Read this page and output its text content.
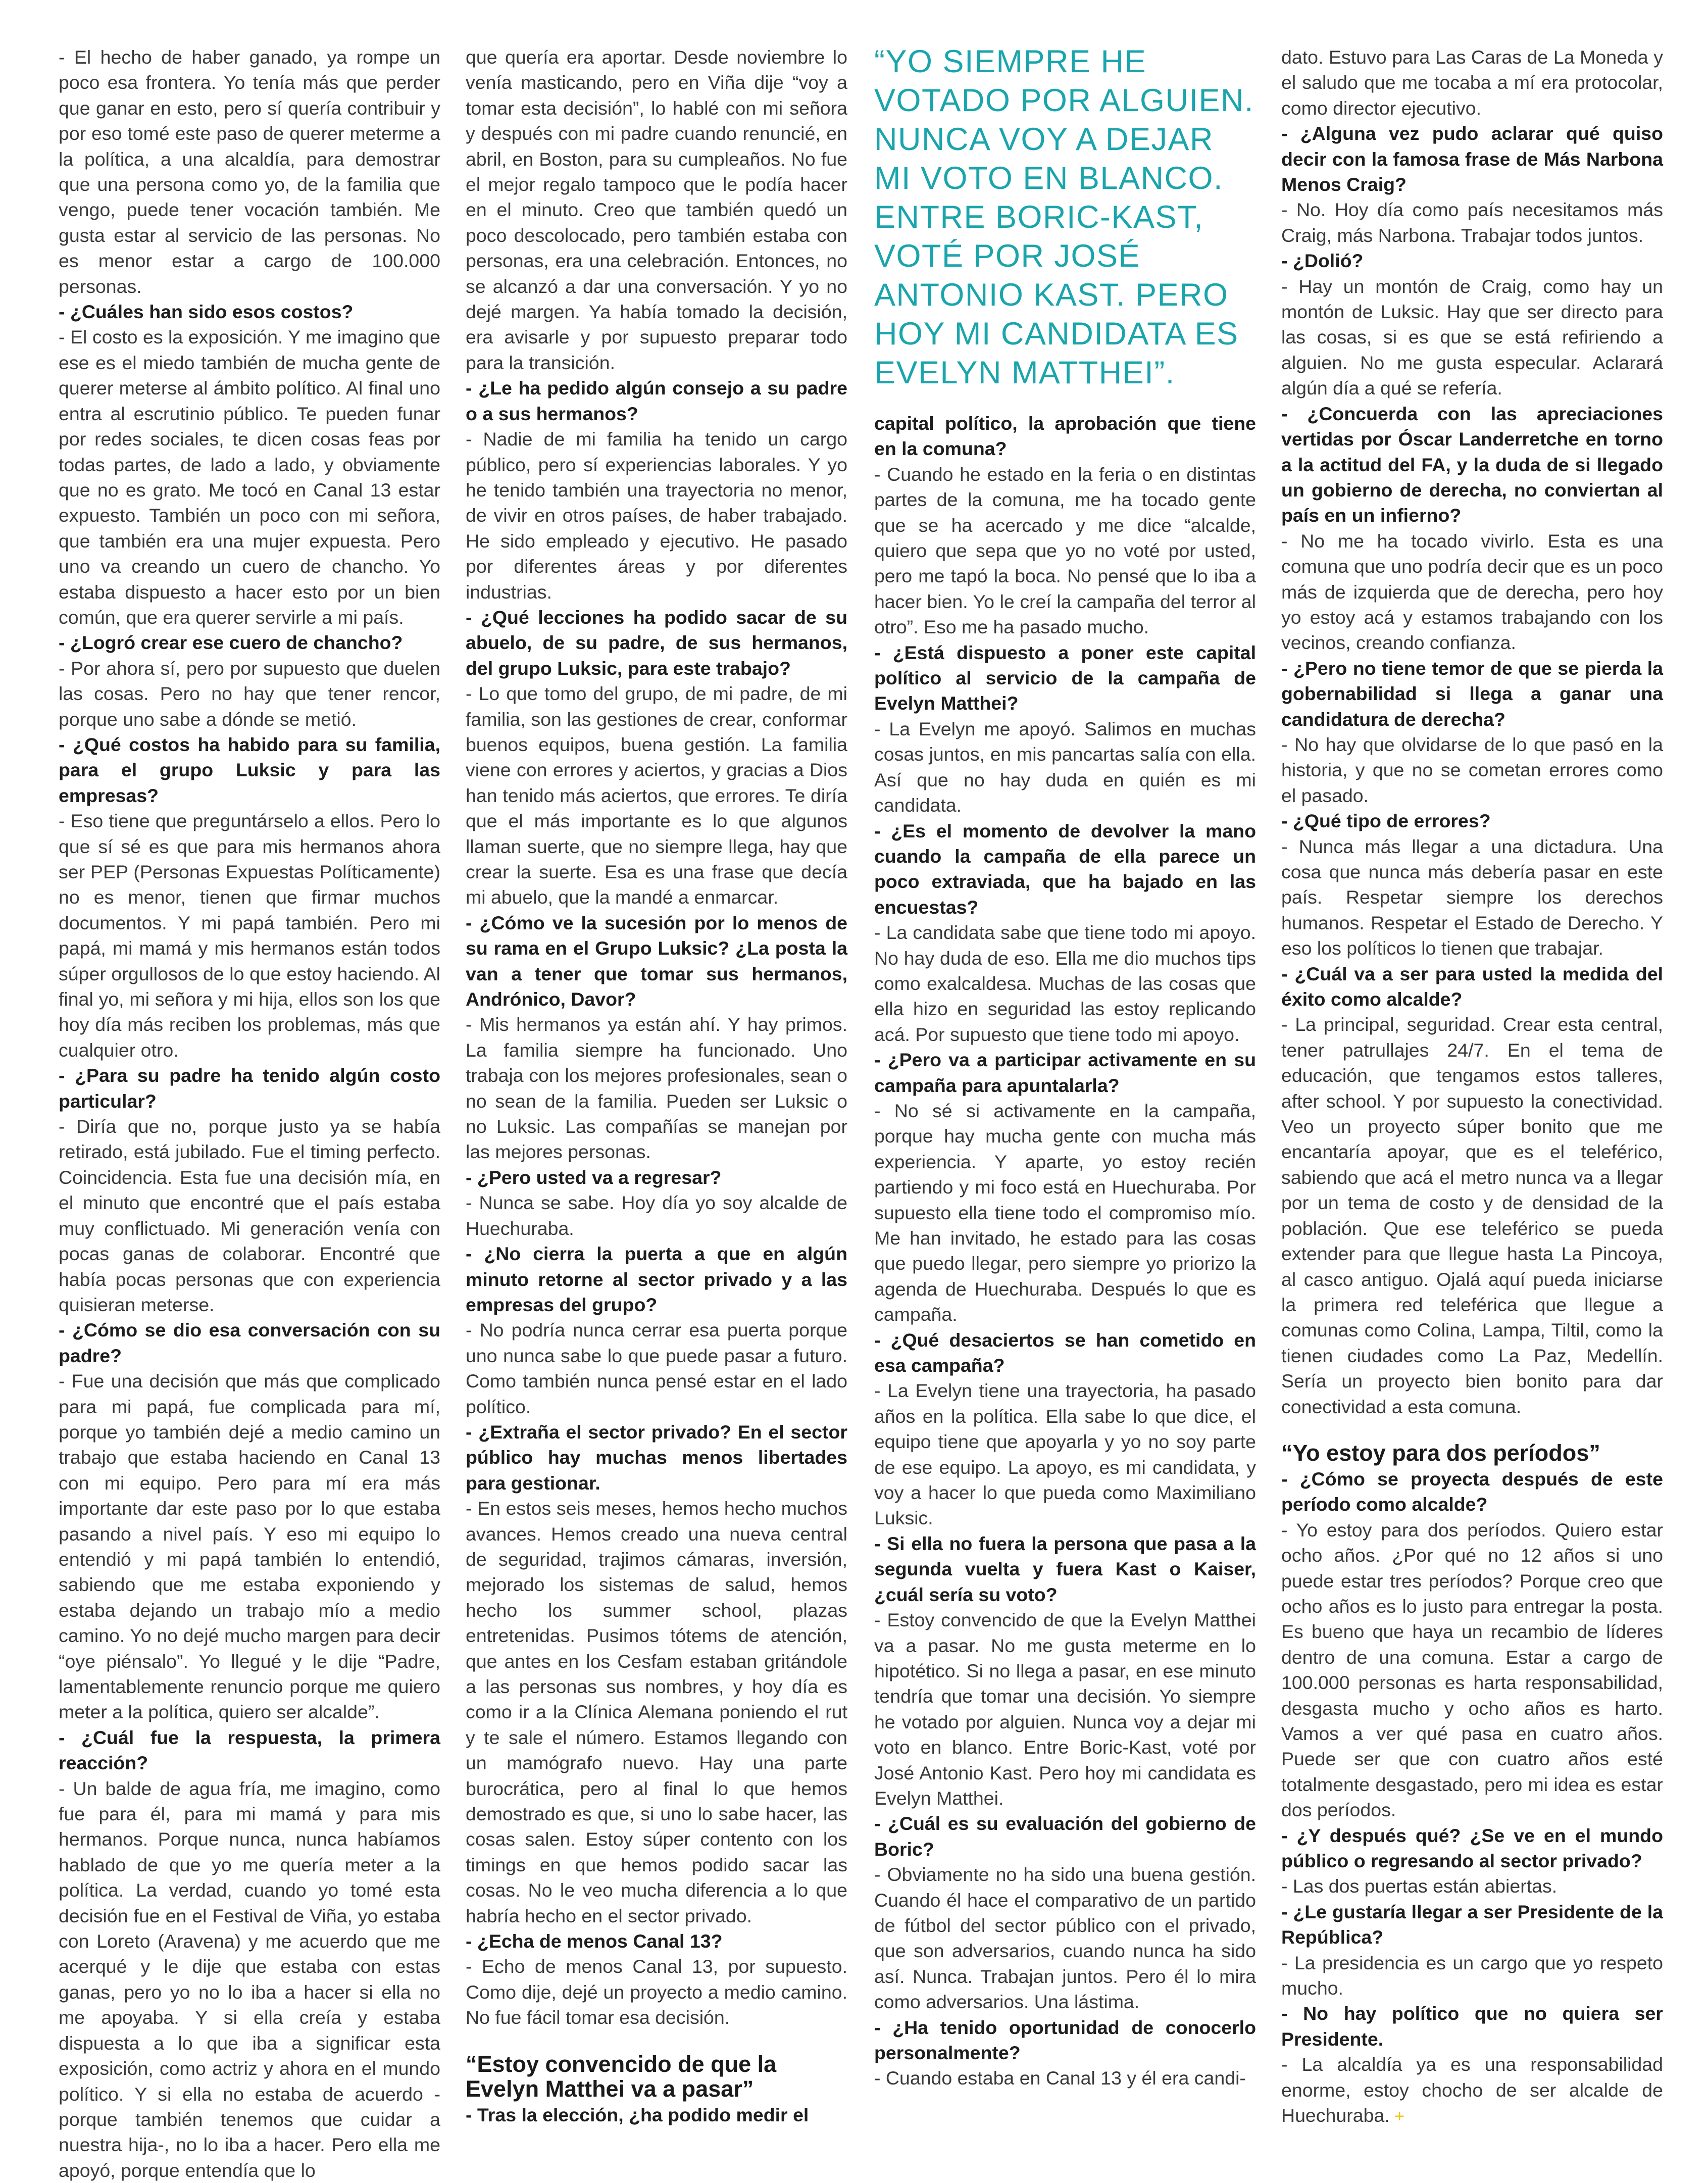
“YO SIEMPRE HE VOTADO POR ALGUIEN. NUNCA VOY A DEJAR MI VOTO EN BLANCO. ENTRE BORIC-KAST, VOTÉ POR JOSÉ ANTONIO KAST. PERO HOY MI CANDIDATA ES EVELYN MATTHEI”.

- El hecho de haber ganado, ya rompe un poco esa frontera. Yo tenía más que perder que ganar en esto, pero sí quería contribuir y por eso tomé este paso de querer meterme a la política, a una alcaldía, para demostrar que una persona como yo, de la familia que vengo, puede tener vocación también. Me gusta estar al servicio de las personas. No es menor estar a cargo de 100.000 personas.

- ¿Cuáles han sido esos costos?

- El costo es la exposición. Y me imagino que ese es el miedo también de mucha gente de querer meterse al ámbito político. Al final uno entra al escrutinio público. Te pueden funar por redes sociales, te dicen cosas feas por todas partes, de lado a lado, y obviamente que no es grato. Me tocó en Canal 13 estar expuesto. También un poco con mi señora, que también era una mujer expuesta. Pero uno va creando un cuero de chancho. Yo estaba dispuesto a hacer esto por un bien común, que era querer servirle a mi país.

- ¿Logró crear ese cuero de chancho?

- Por ahora sí, pero por supuesto que duelen las cosas. Pero no hay que tener rencor, porque uno sabe a dónde se metió.

- ¿Qué costos ha habido para su familia, para el grupo Luksic y para las empresas?

- Eso tiene que preguntárselo a ellos. Pero lo que sí sé es que para mis hermanos ahora ser PEP (Personas Expuestas Políticamente) no es menor, tienen que firmar muchos documentos. Y mi papá también. Pero mi papá, mi mamá y mis hermanos están todos súper orgullosos de lo que estoy haciendo. Al final yo, mi señora y mi hija, ellos son los que hoy día más reciben los problemas, más que cualquier otro.

- ¿Para su padre ha tenido algún costo particular?

- Diría que no, porque justo ya se había retirado, está jubilado. Fue el timing perfecto. Coincidencia. Esta fue una decisión mía, en el minuto que encontré que el país estaba muy conflictuado. Mi generación venía con pocas ganas de colaborar. Encontré que había pocas personas que con experiencia quisieran meterse.

- ¿Cómo se dio esa conversación con su padre?

- Fue una decisión que más que complicado para mi papá, fue complicada para mí, porque yo también dejé a medio camino un trabajo que estaba haciendo en Canal 13 con mi equipo. Pero para mí era más importante dar este paso por lo que estaba pasando a nivel país. Y eso mi equipo lo entendió y mi papá también lo entendió, sabiendo que me estaba exponiendo y estaba dejando un trabajo mío a medio camino. Yo no dejé mucho margen para decir “oye piénsalo”. Yo llegué y le dije “Padre, lamentablemente renuncio porque me quiero meter a la política, quiero ser alcalde”.

- ¿Cuál fue la respuesta, la primera reacción?

- Un balde de agua fría, me imagino, como fue para él, para mi mamá y para mis hermanos. Porque nunca, nunca habíamos hablado de que yo me quería meter a la política. La verdad, cuando yo tomé esta decisión fue en el Festival de Viña, yo estaba con Loreto (Aravena) y me acuerdo que me acerqué y le dije que estaba con estas ganas, pero yo no lo iba a hacer si ella no me apoyaba. Y si ella creía y estaba dispuesta a lo que iba a significar esta exposición, como actriz y ahora en el mundo político. Y si ella no estaba de acuerdo -porque también tenemos que cuidar a nuestra hija-, no lo iba a hacer. Pero ella me apoyó, porque entendía que lo

que quería era aportar. Desde noviembre lo venía masticando, pero en Viña dije “voy a tomar esta decisión”, lo hablé con mi señora y después con mi padre cuando renuncié, en abril, en Boston, para su cumpleaños. No fue el mejor regalo tampoco que le podía hacer en el minuto. Creo que también quedó un poco descolocado, pero también estaba con personas, era una celebración. Entonces, no se alcanzó a dar una conversación. Y yo no dejé margen. Ya había tomado la decisión, era avisarle y por supuesto preparar todo para la transición.

- ¿Le ha pedido algún consejo a su padre o a sus hermanos?

- Nadie de mi familia ha tenido un cargo público, pero sí experiencias laborales. Y yo he tenido también una trayectoria no menor, de vivir en otros países, de haber trabajado. He sido empleado y ejecutivo. He pasado por diferentes áreas y por diferentes industrias.

- ¿Qué lecciones ha podido sacar de su abuelo, de su padre, de sus hermanos, del grupo Luksic, para este trabajo?

- Lo que tomo del grupo, de mi padre, de mi familia, son las gestiones de crear, conformar buenos equipos, buena gestión. La familia viene con errores y aciertos, y gracias a Dios han tenido más aciertos, que errores. Te diría que el más importante es lo que algunos llaman suerte, que no siempre llega, hay que crear la suerte. Esa es una frase que decía mi abuelo, que la mandé a enmarcar.

- ¿Cómo ve la sucesión por lo menos de su rama en el Grupo Luksic? ¿La posta la van a tener que tomar sus hermanos, Andrónico, Davor?

- Mis hermanos ya están ahí. Y hay primos. La familia siempre ha funcionado. Uno trabaja con los mejores profesionales, sean o no sean de la familia. Pueden ser Luksic o no Luksic. Las compañías se manejan por las mejores personas.

- ¿Pero usted va a regresar?

- Nunca se sabe. Hoy día yo soy alcalde de Huechuraba.

- ¿No cierra la puerta a que en algún minuto retorne al sector privado y a las empresas del grupo?

- No podría nunca cerrar esa puerta porque uno nunca sabe lo que puede pasar a futuro. Como también nunca pensé estar en el lado político.

- ¿Extraña el sector privado? En el sector público hay muchas menos libertades para gestionar.

- En estos seis meses, hemos hecho muchos avances. Hemos creado una nueva central de seguridad, trajimos cámaras, inversión, mejorado los sistemas de salud, hemos hecho los summer school, plazas entretenidas. Pusimos tótems de atención, que antes en los Cesfam estaban gritándole a las personas sus nombres, y hoy día es como ir a la Clínica Alemana poniendo el rut y te sale el número. Estamos llegando con un mamógrafo nuevo. Hay una parte burocrática, pero al final lo que hemos demostrado es que, si uno lo sabe hacer, las cosas salen. Estoy súper contento con los timings en que hemos podido sacar las cosas. No le veo mucha diferencia a lo que habría hecho en el sector privado.

- ¿Echa de menos Canal 13?

- Echo de menos Canal 13, por supuesto. Como dije, dejé un proyecto a medio camino. No fue fácil tomar esa decisión.

“Estoy convencido de que la Evelyn Matthei va a pasar”

- Tras la elección, ¿ha podido medir el

capital político, la aprobación que tiene en la comuna?

- Cuando he estado en la feria o en distintas partes de la comuna, me ha tocado gente que se ha acercado y me dice “alcalde, quiero que sepa que yo no voté por usted, pero me tapó la boca. No pensé que lo iba a hacer bien. Yo le creí la campaña del terror al otro”. Eso me ha pasado mucho.

- ¿Está dispuesto a poner este capital político al servicio de la campaña de Evelyn Matthei?

- La Evelyn me apoyó. Salimos en muchas cosas juntos, en mis pancartas salía con ella. Así que no hay duda en quién es mi candidata.

- ¿Es el momento de devolver la mano cuando la campaña de ella parece un poco extraviada, que ha bajado en las encuestas?

- La candidata sabe que tiene todo mi apoyo. No hay duda de eso. Ella me dio muchos tips como exalcaldesa. Muchas de las cosas que ella hizo en seguridad las estoy replicando acá. Por supuesto que tiene todo mi apoyo.

- ¿Pero va a participar activamente en su campaña para apuntalarla?

- No sé si activamente en la campaña, porque hay mucha gente con mucha más experiencia. Y aparte, yo estoy recién partiendo y mi foco está en Huechuraba. Por supuesto ella tiene todo el compromiso mío. Me han invitado, he estado para las cosas que puedo llegar, pero siempre yo priorizo la agenda de Huechuraba. Después lo que es campaña.

- ¿Qué desaciertos se han cometido en esa campaña?

- La Evelyn tiene una trayectoria, ha pasado años en la política. Ella sabe lo que dice, el equipo tiene que apoyarla y yo no soy parte de ese equipo. La apoyo, es mi candidata, y voy a hacer lo que pueda como Maximiliano Luksic.

- Si ella no fuera la persona que pasa a la segunda vuelta y fuera Kast o Kaiser, ¿cuál sería su voto?

- Estoy convencido de que la Evelyn Matthei va a pasar. No me gusta meterme en lo hipotético. Si no llega a pasar, en ese minuto tendría que tomar una decisión. Yo siempre he votado por alguien. Nunca voy a dejar mi voto en blanco. Entre Boric-Kast, voté por José Antonio Kast. Pero hoy mi candidata es Evelyn Matthei.

- ¿Cuál es su evaluación del gobierno de Boric?

- Obviamente no ha sido una buena gestión. Cuando él hace el comparativo de un partido de fútbol del sector público con el privado, que son adversarios, cuando nunca ha sido así. Nunca. Trabajan juntos. Pero él lo mira como adversarios. Una lástima.

- ¿Ha tenido oportunidad de conocerlo personalmente?

- Cuando estaba en Canal 13 y él era candi-

dato. Estuvo para Las Caras de La Moneda y el saludo que me tocaba a mí era protocolar, como director ejecutivo.

- ¿Alguna vez pudo aclarar qué quiso decir con la famosa frase de Más Narbona Menos Craig?

- No. Hoy día como país necesitamos más Craig, más Narbona. Trabajar todos juntos.

- ¿Dolió?

- Hay un montón de Craig, como hay un montón de Luksic. Hay que ser directo para las cosas, si es que se está refiriendo a alguien. No me gusta especular. Aclarará algún día a qué se refería.

- ¿Concuerda con las apreciaciones vertidas por Óscar Landerretche en torno a la actitud del FA, y la duda de si llegado un gobierno de derecha, no conviertan al país en un infierno?

- No me ha tocado vivirlo. Esta es una comuna que uno podría decir que es un poco más de izquierda que de derecha, pero hoy yo estoy acá y estamos trabajando con los vecinos, creando confianza.

- ¿Pero no tiene temor de que se pierda la gobernabilidad si llega a ganar una candidatura de derecha?

- No hay que olvidarse de lo que pasó en la historia, y que no se cometan errores como el pasado.

- ¿Qué tipo de errores?

- Nunca más llegar a una dictadura. Una cosa que nunca más debería pasar en este país. Respetar siempre los derechos humanos. Respetar el Estado de Derecho. Y eso los políticos lo tienen que trabajar.

- ¿Cuál va a ser para usted la medida del éxito como alcalde?

- La principal, seguridad. Crear esta central, tener patrullajes 24/7. En el tema de educación, que tengamos estos talleres, after school. Y por supuesto la conectividad. Veo un proyecto súper bonito que me encantaría apoyar, que es el teleférico, sabiendo que acá el metro nunca va a llegar por un tema de costo y de densidad de la población. Que ese teleférico se pueda extender para que llegue hasta La Pincoya, al casco antiguo. Ojalá aquí pueda iniciarse la primera red teleférica que llegue a comunas como Colina, Lampa, Tiltil, como la tienen ciudades como La Paz, Medellín. Sería un proyecto bien bonito para dar conectividad a esta comuna.

“Yo estoy para dos períodos”

- ¿Cómo se proyecta después de este período como alcalde?

- Yo estoy para dos períodos. Quiero estar ocho años. ¿Por qué no 12 años si uno puede estar tres períodos? Porque creo que ocho años es lo justo para entregar la posta. Es bueno que haya un recambio de líderes dentro de una comuna. Estar a cargo de 100.000 personas es harta responsabilidad, desgasta mucho y ocho años es harto. Vamos a ver qué pasa en cuatro años. Puede ser que con cuatro años esté totalmente desgastado, pero mi idea es estar dos períodos.

- ¿Y después qué? ¿Se ve en el mundo público o regresando al sector privado?

- Las dos puertas están abiertas.

- ¿Le gustaría llegar a ser Presidente de la República?

- La presidencia es un cargo que yo respeto mucho.

- No hay político que no quiera ser Presidente.

- La alcaldía ya es una responsabilidad enorme, estoy chocho de ser alcalde de Huechuraba. +
